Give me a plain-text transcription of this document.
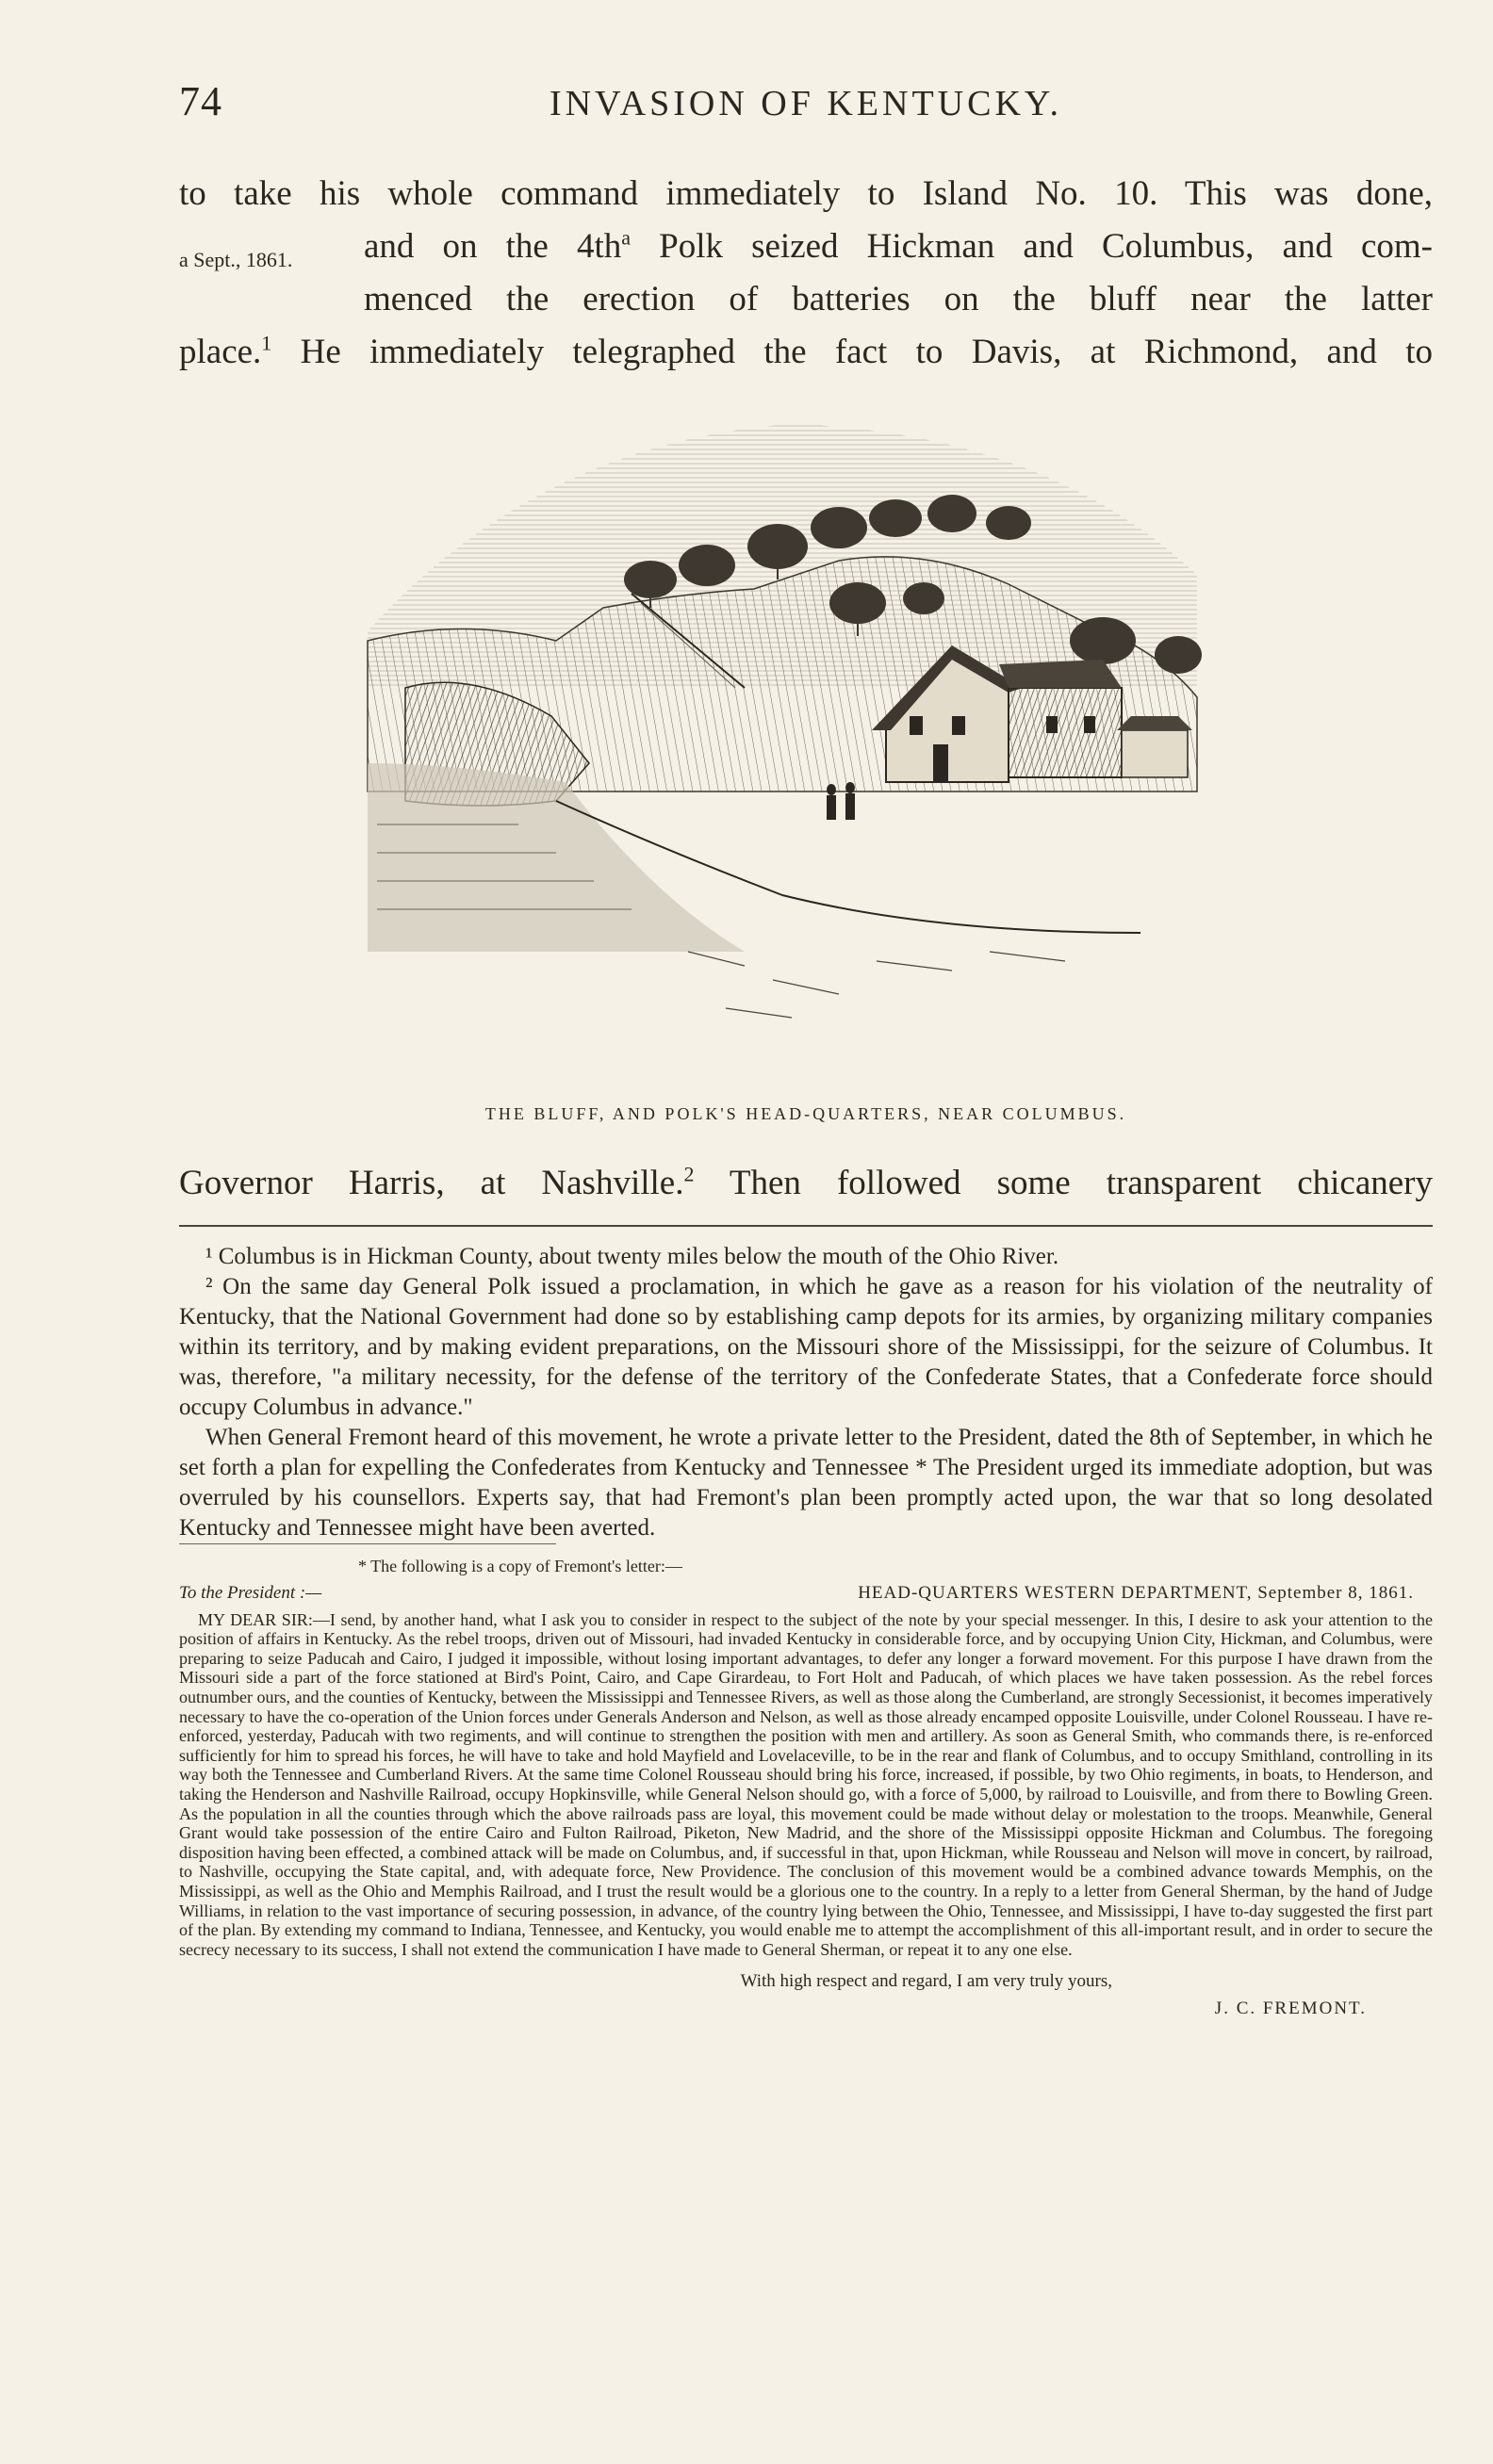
74	INVASION OF KENTUCKY.
to take his whole command immediately to Island No. 10. This was done,
and on the $4th^a$ Polk seized Hickman and Columbus, and com-
menced the erection of batteries on the bluff near the latter
place.$^1$ He immediately telegraphed the fact to Davis, at Richmond, and to
a Sept., 1861.
THE BLUFF, AND POLK'S HEAD-QUARTERS, NEAR COLUMBUS.
Governor Harris, at Nashville.$^2$ Then followed some transparent chicanery

¹ Columbus is in Hickman County, about twenty miles below the mouth of the Ohio River.

² On the same day General Polk issued a proclamation, in which he gave as a reason for his violation of the neutrality of Kentucky, that the National Government had done so by establishing camp depots for its armies, by organizing military companies within its territory, and by making evident preparations, on the Missouri shore of the Mississippi, for the seizure of Columbus. It was, therefore, "a military necessity, for the defense of the territory of the Confederate States, that a Confederate force should occupy Columbus in advance."

When General Fremont heard of this movement, he wrote a private letter to the President, dated the 8th of September, in which he set forth a plan for expelling the Confederates from Kentucky and Tennessee * The President urged its immediate adoption, but was overruled by his counsellors. Experts say, that had Fremont's plan been promptly acted upon, the war that so long desolated Kentucky and Tennessee might have been averted.

* The following is a copy of Fremont's letter:—

To the President :—	HEAD-QUARTERS WESTERN DEPARTMENT, September 8, 1861.

MY DEAR SIR:—I send, by another hand, what I ask you to consider in respect to the subject of the note by your special messenger. In this, I desire to ask your attention to the position of affairs in Kentucky. As the rebel troops, driven out of Missouri, had invaded Kentucky in considerable force, and by occupying Union City, Hickman, and Columbus, were preparing to seize Paducah and Cairo, I judged it impossible, without losing important advantages, to defer any longer a forward movement. For this purpose I have drawn from the Missouri side a part of the force stationed at Bird's Point, Cairo, and Cape Girardeau, to Fort Holt and Paducah, of which places we have taken possession. As the rebel forces outnumber ours, and the counties of Kentucky, between the Mississippi and Tennessee Rivers, as well as those along the Cumberland, are strongly Secessionist, it becomes imperatively necessary to have the co-operation of the Union forces under Generals Anderson and Nelson, as well as those already encamped opposite Louisville, under Colonel Rousseau. I have re-enforced, yesterday, Paducah with two regiments, and will continue to strengthen the position with men and artillery. As soon as General Smith, who commands there, is re-enforced sufficiently for him to spread his forces, he will have to take and hold Mayfield and Lovelaceville, to be in the rear and flank of Columbus, and to occupy Smithland, controlling in its way both the Tennessee and Cumberland Rivers. At the same time Colonel Rousseau should bring his force, increased, if possible, by two Ohio regiments, in boats, to Henderson, and taking the Henderson and Nashville Railroad, occupy Hopkinsville, while General Nelson should go, with a force of 5,000, by railroad to Louisville, and from there to Bowling Green. As the population in all the counties through which the above railroads pass are loyal, this movement could be made without delay or molestation to the troops. Meanwhile, General Grant would take possession of the entire Cairo and Fulton Railroad, Piketon, New Madrid, and the shore of the Mississippi opposite Hickman and Columbus. The foregoing disposition having been effected, a combined attack will be made on Columbus, and, if successful in that, upon Hickman, while Rousseau and Nelson will move in concert, by railroad, to Nashville, occupying the State capital, and, with adequate force, New Providence. The conclusion of this movement would be a combined advance towards Memphis, on the Mississippi, as well as the Ohio and Memphis Railroad, and I trust the result would be a glorious one to the country. In a reply to a letter from General Sherman, by the hand of Judge Williams, in relation to the vast importance of securing possession, in advance, of the country lying between the Ohio, Tennessee, and Mississippi, I have to-day suggested the first part of the plan. By extending my command to Indiana, Tennessee, and Kentucky, you would enable me to attempt the accomplishment of this all-important result, and in order to secure the secrecy necessary to its success, I shall not extend the communication I have made to General Sherman, or repeat it to any one else.

With high respect and regard, I am very truly yours,
J. C. FREMONT.
